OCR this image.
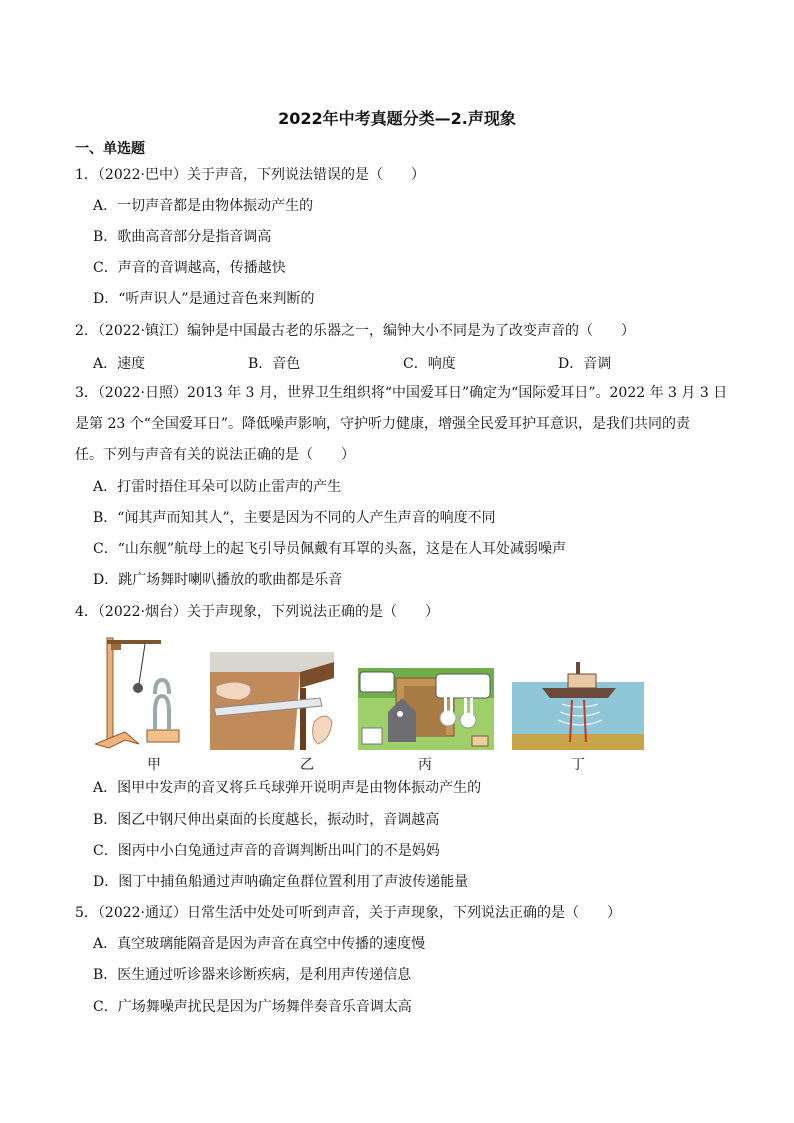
2022年中考真题分类—2.声现象
一、单选题
1．（2022·巴中）关于声音，下列说法错误的是（　　）
A．一切声音都是由物体振动产生的
B．歌曲高音部分是指音调高
C．声音的音调越高，传播越快
D．“听声识人”是通过音色来判断的
2．（2022·镇江）编钟是中国最古老的乐器之一，编钟大小不同是为了改变声音的（　　）
A．速度	B．音色	C．响度	D．音调
3．（2022·日照）2013 年 3 月，世界卫生组织将“中国爱耳日”确定为“国际爱耳日”。2022 年 3 月 3 日
是第 23 个“全国爱耳日”。降低噪声影响，守护听力健康，增强全民爱耳护耳意识，是我们共同的责
任。下列与声音有关的说法正确的是（　　）
A．打雷时捂住耳朵可以防止雷声的产生
B．“闻其声而知其人”，主要是因为不同的人产生声音的响度不同
C．“山东舰”航母上的起飞引导员佩戴有耳罩的头盔，这是在人耳处减弱噪声
D．跳广场舞时喇叭播放的歌曲都是乐音
4．（2022·烟台）关于声现象，下列说法正确的是（　　）
甲	乙	丙	丁
A．图甲中发声的音叉将乒乓球弹开说明声是由物体振动产生的
B．图乙中钢尺伸出桌面的长度越长，振动时，音调越高
C．图丙中小白兔通过声音的音调判断出叫门的不是妈妈
D．图丁中捕鱼船通过声呐确定鱼群位置利用了声波传递能量
5．（2022·通辽）日常生活中处处可听到声音，关于声现象，下列说法正确的是（　　）
A．真空玻璃能隔音是因为声音在真空中传播的速度慢
B．医生通过听诊器来诊断疾病，是利用声传递信息
C．广场舞噪声扰民是因为广场舞伴奏音乐音调太高
